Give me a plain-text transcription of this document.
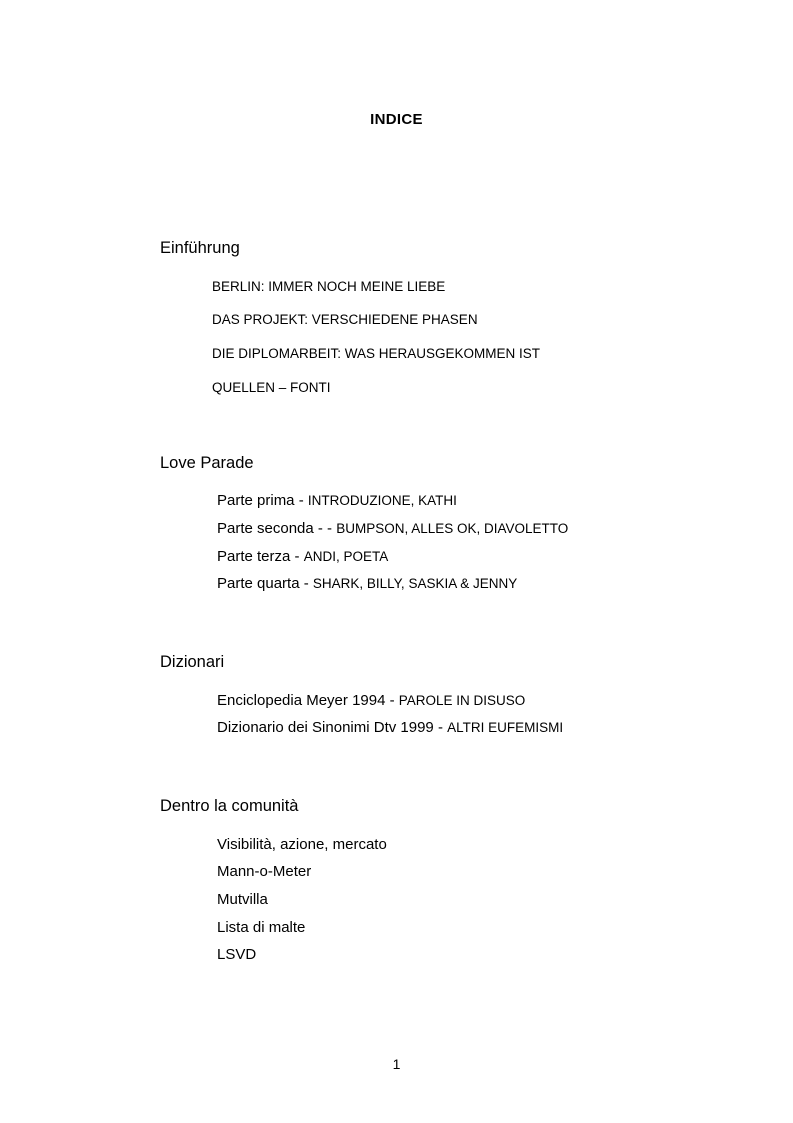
INDICE
Einführung
BERLIN: IMMER NOCH MEINE LIEBE
DAS PROJEKT: VERSCHIEDENE PHASEN
DIE DIPLOMARBEIT: WAS HERAUSGEKOMMEN IST
QUELLEN – FONTI
Love Parade
Parte prima - INTRODUZIONE, KATHI
Parte seconda - - BUMPSON, ALLES OK, DIAVOLETTO
Parte terza - ANDI, POETA
Parte quarta - SHARK, BILLY, SASKIA & JENNY
Dizionari
Enciclopedia Meyer 1994 - PAROLE IN DISUSO
Dizionario dei Sinonimi Dtv 1999 - ALTRI EUFEMISMI
Dentro la comunità
Visibilità, azione, mercato
Mann-o-Meter
Mutvilla
Lista di malte
LSVD
1
